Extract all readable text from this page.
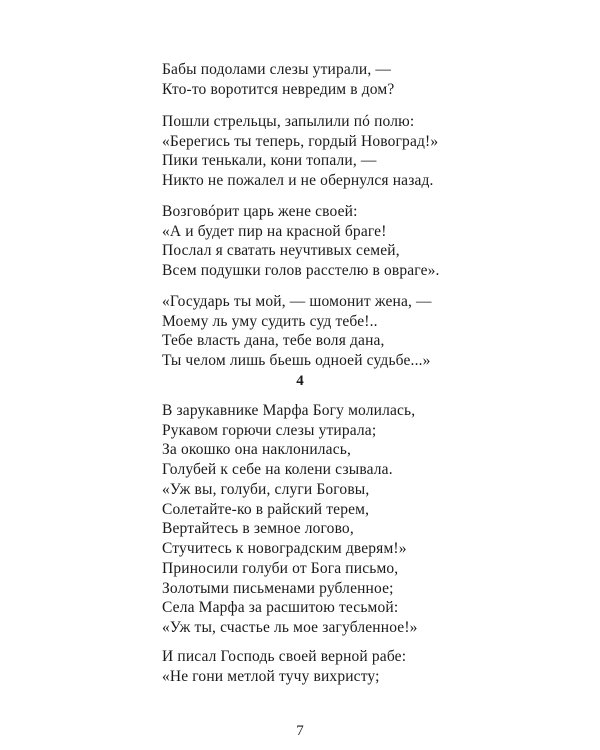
Бабы подолами слезы утирали, —
Кто-то воротится невредим в дом?
Пошли стрельцы, запылили пó полю:
«Берегись ты теперь, гордый Новоград!»
Пики тенькали, кони топали, —
Никто не пожалел и не обернулся назад.
Возговóрит царь жене своей:
«А и будет пир на красной браге!
Послал я сватать неучтивых семей,
Всем подушки голов расстелю в овраге».
«Государь ты мой, — шомонит жена, —
Моему ль уму судить суд тебе!..
Тебе власть дана, тебе воля дана,
Ты челом лишь бьешь одноей судьбе...»
4
В зарукавнике Марфа Богу молилась,
Рукавом горючи слезы утирала;
За окошко она наклонилась,
Голубей к себе на колени сзывала.
«Уж вы, голуби, слуги Боговы,
Солетайте-ко в райский терем,
Вертайтесь в земное логово,
Стучитесь к новоградским дверям!»
Приносили голуби от Бога письмо,
Золотыми письменами рубленное;
Села Марфа за расшитою тесьмой:
«Уж ты, счастье ль мое загубленное!»
И писал Господь своей верной рабе:
«Не гони метлой тучу вихристу;
7
